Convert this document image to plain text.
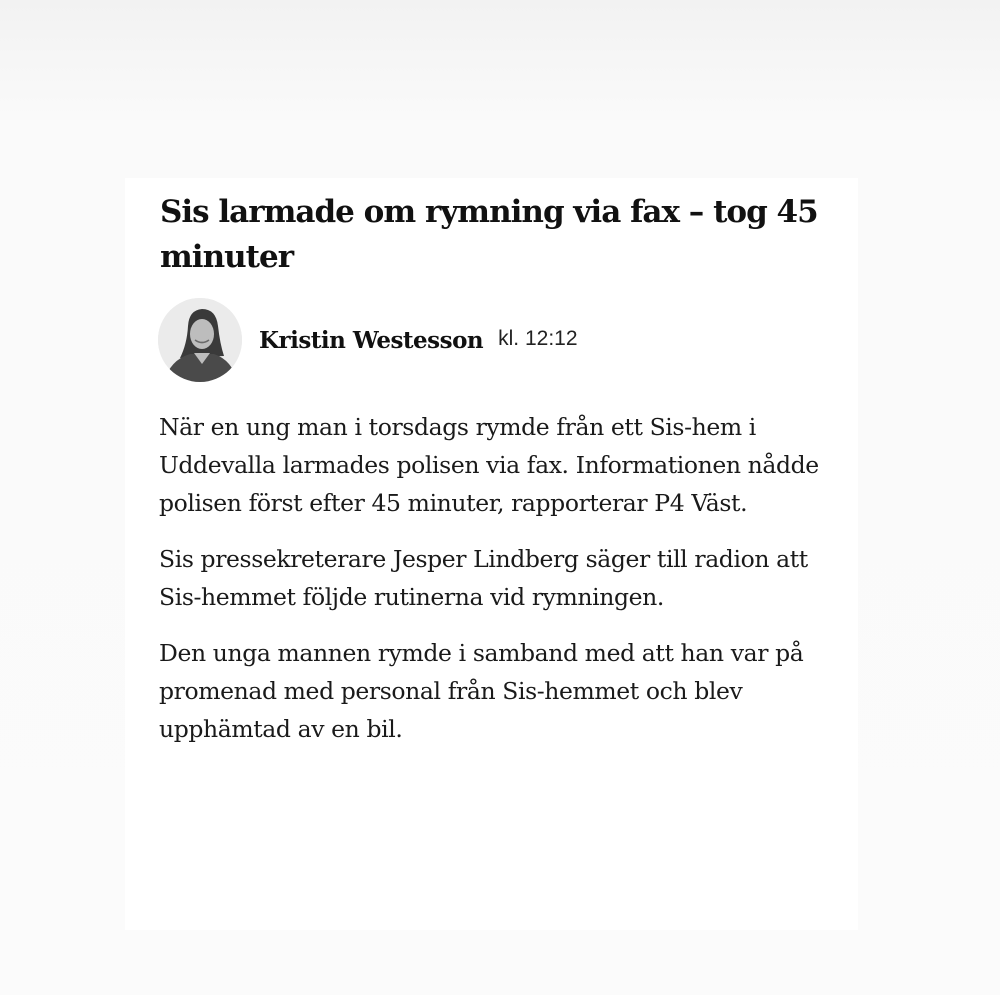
Sis larmade om rymning via fax – tog 45 minuter
Kristin Westesson kl. 12:12

När en ung man i torsdags rymde från ett Sis-hem i Uddevalla larmades polisen via fax. Informationen nådde polisen först efter 45 minuter, rapporterar P4 Väst.

Sis pressekreterare Jesper Lindberg säger till radion att Sis-hemmet följde rutinerna vid rymningen.

Den unga mannen rymde i samband med att han var på promenad med personal från Sis-hemmet och blev upphämtad av en bil.
